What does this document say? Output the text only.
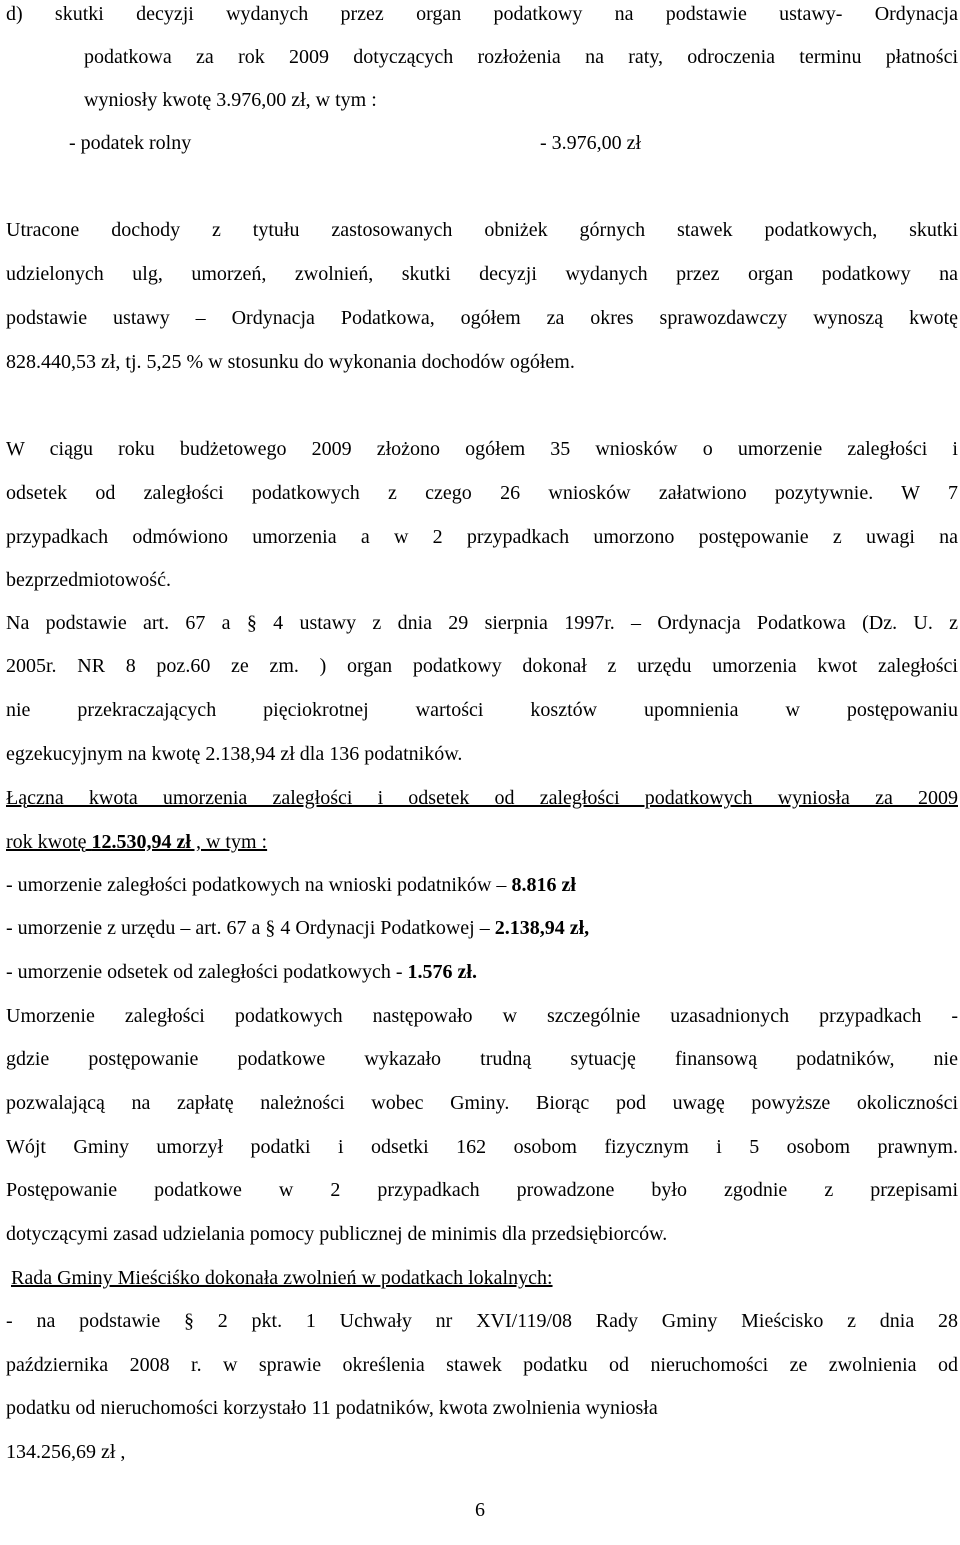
d) skutki decyzji wydanych przez organ podatkowy na podstawie ustawy- Ordynacja
podatkowa za rok 2009 dotyczących rozłożenia na raty, odroczenia terminu płatności
wyniosły kwotę 3.976,00 zł, w tym :
- podatek rolny	- 3.976,00 zł
Utracone dochody z tytułu zastosowanych obniżek górnych stawek podatkowych, skutki
udzielonych ulg, umorzeń, zwolnień, skutki decyzji wydanych przez organ podatkowy na
podstawie ustawy – Ordynacja Podatkowa, ogółem za okres sprawozdawczy wynoszą kwotę
828.440,53 zł, tj. 5,25 % w stosunku do wykonania dochodów ogółem.
W ciągu roku budżetowego 2009 złożono ogółem 35 wniosków o umorzenie zaległości i
odsetek od zaległości podatkowych z czego 26 wniosków załatwiono pozytywnie. W 7
przypadkach odmówiono umorzenia a w 2 przypadkach umorzono postępowanie z uwagi na
bezprzedmiotowość.
Na podstawie art. 67 a § 4 ustawy z dnia 29 sierpnia 1997r. – Ordynacja Podatkowa (Dz. U. z
2005r. NR 8 poz.60 ze zm. ) organ podatkowy dokonał z urzędu umorzenia kwot zaległości
nie przekraczających pięciokrotnej wartości kosztów upomnienia w postępowaniu
egzekucyjnym na kwotę 2.138,94 zł dla 136 podatników.
Łączna kwota umorzenia zaległości i odsetek od zaległości podatkowych wyniosła za 2009
rok kwotę 12.530,94 zł , w tym :
- umorzenie zaległości podatkowych na wnioski podatników – 8.816 zł
- umorzenie z urzędu – art. 67 a § 4 Ordynacji Podatkowej – 2.138,94 zł,
- umorzenie odsetek od zaległości podatkowych - 1.576 zł.
Umorzenie zaległości podatkowych następowało w szczególnie uzasadnionych przypadkach -
gdzie postępowanie podatkowe wykazało trudną sytuację finansową podatników, nie
pozwalającą na zapłatę należności wobec Gminy. Biorąc pod uwagę powyższe okoliczności
Wójt Gminy umorzył podatki i odsetki 162 osobom fizycznym i 5 osobom prawnym.
Postępowanie podatkowe w 2 przypadkach prowadzone było zgodnie z przepisami
dotyczącymi zasad udzielania pomocy publicznej de minimis dla przedsiębiorców.
Rada Gminy Mieściśko dokonała zwolnień w podatkach lokalnych:
- na podstawie § 2 pkt. 1 Uchwały nr XVI/119/08 Rady Gminy Mieścisko z dnia 28
października 2008 r. w sprawie określenia stawek podatku od nieruchomości ze zwolnienia od
podatku od nieruchomości korzystało 11 podatników, kwota zwolnienia wyniosła
134.256,69 zł ,
6
